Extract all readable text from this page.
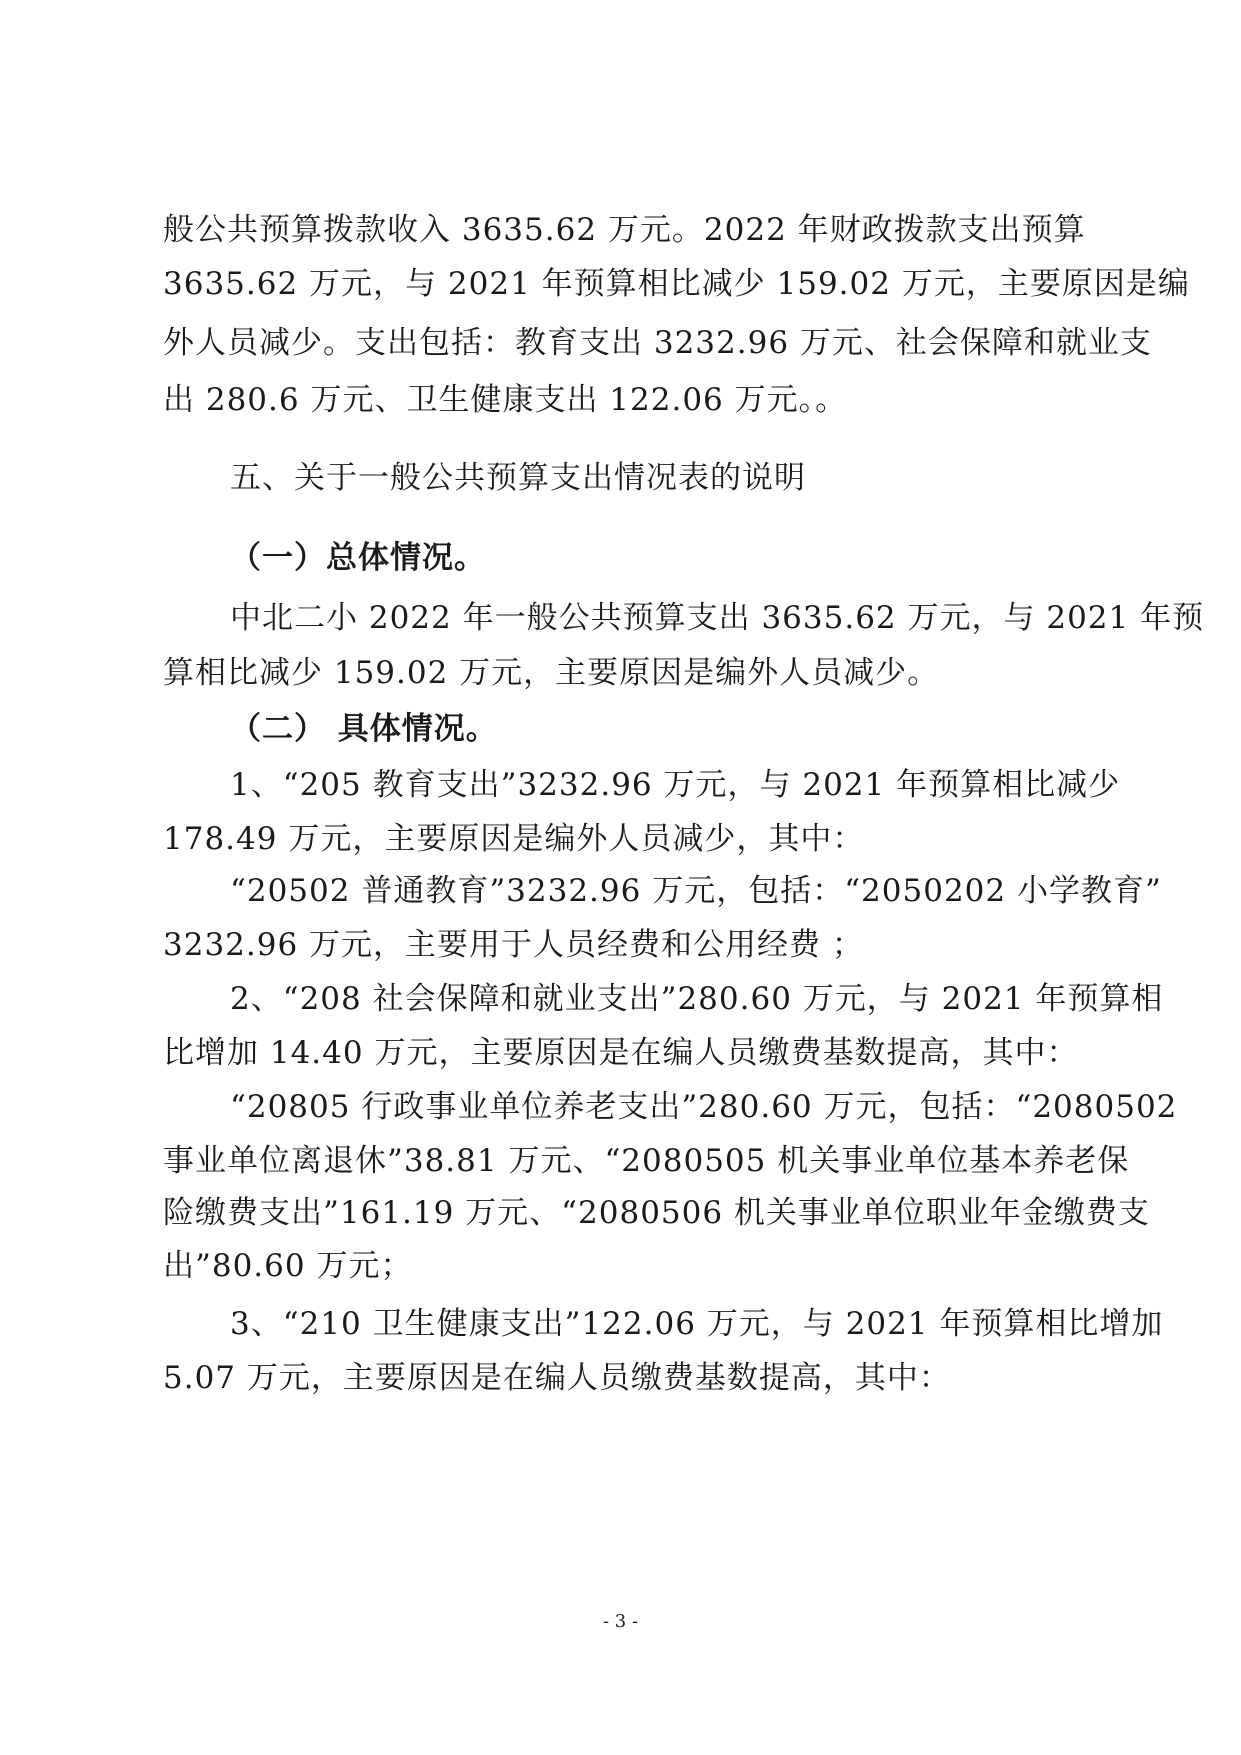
般公共预算拨款收入 3635.62 万元。2022 年财政拨款支出预算
3635.62 万元，与 2021 年预算相比减少 159.02 万元，主要原因是编
外人员减少。支出包括：教育支出 3232.96 万元、社会保障和就业支
出 280.6 万元、卫生健康支出 122.06 万元。。
五、关于一般公共预算支出情况表的说明
（一）总体情况。
中北二小 2022 年一般公共预算支出 3635.62 万元，与 2021 年预
算相比减少 159.02 万元，主要原因是编外人员减少。
（二） 具体情况。
1、“205 教育支出”3232.96 万元，与 2021 年预算相比减少
178.49 万元，主要原因是编外人员减少，其中：
“20502 普通教育”3232.96 万元，包括：“2050202 小学教育”
3232.96 万元，主要用于人员经费和公用经费 ；
2、“208 社会保障和就业支出”280.60 万元，与 2021 年预算相
比增加 14.40 万元，主要原因是在编人员缴费基数提高，其中：
“20805 行政事业单位养老支出”280.60 万元，包括：“2080502
事业单位离退休”38.81 万元、“2080505 机关事业单位基本养老保
险缴费支出”161.19 万元、“2080506 机关事业单位职业年金缴费支
出”80.60 万元；
3、“210 卫生健康支出”122.06 万元，与 2021 年预算相比增加
5.07 万元，主要原因是在编人员缴费基数提高，其中：
- 3 -
